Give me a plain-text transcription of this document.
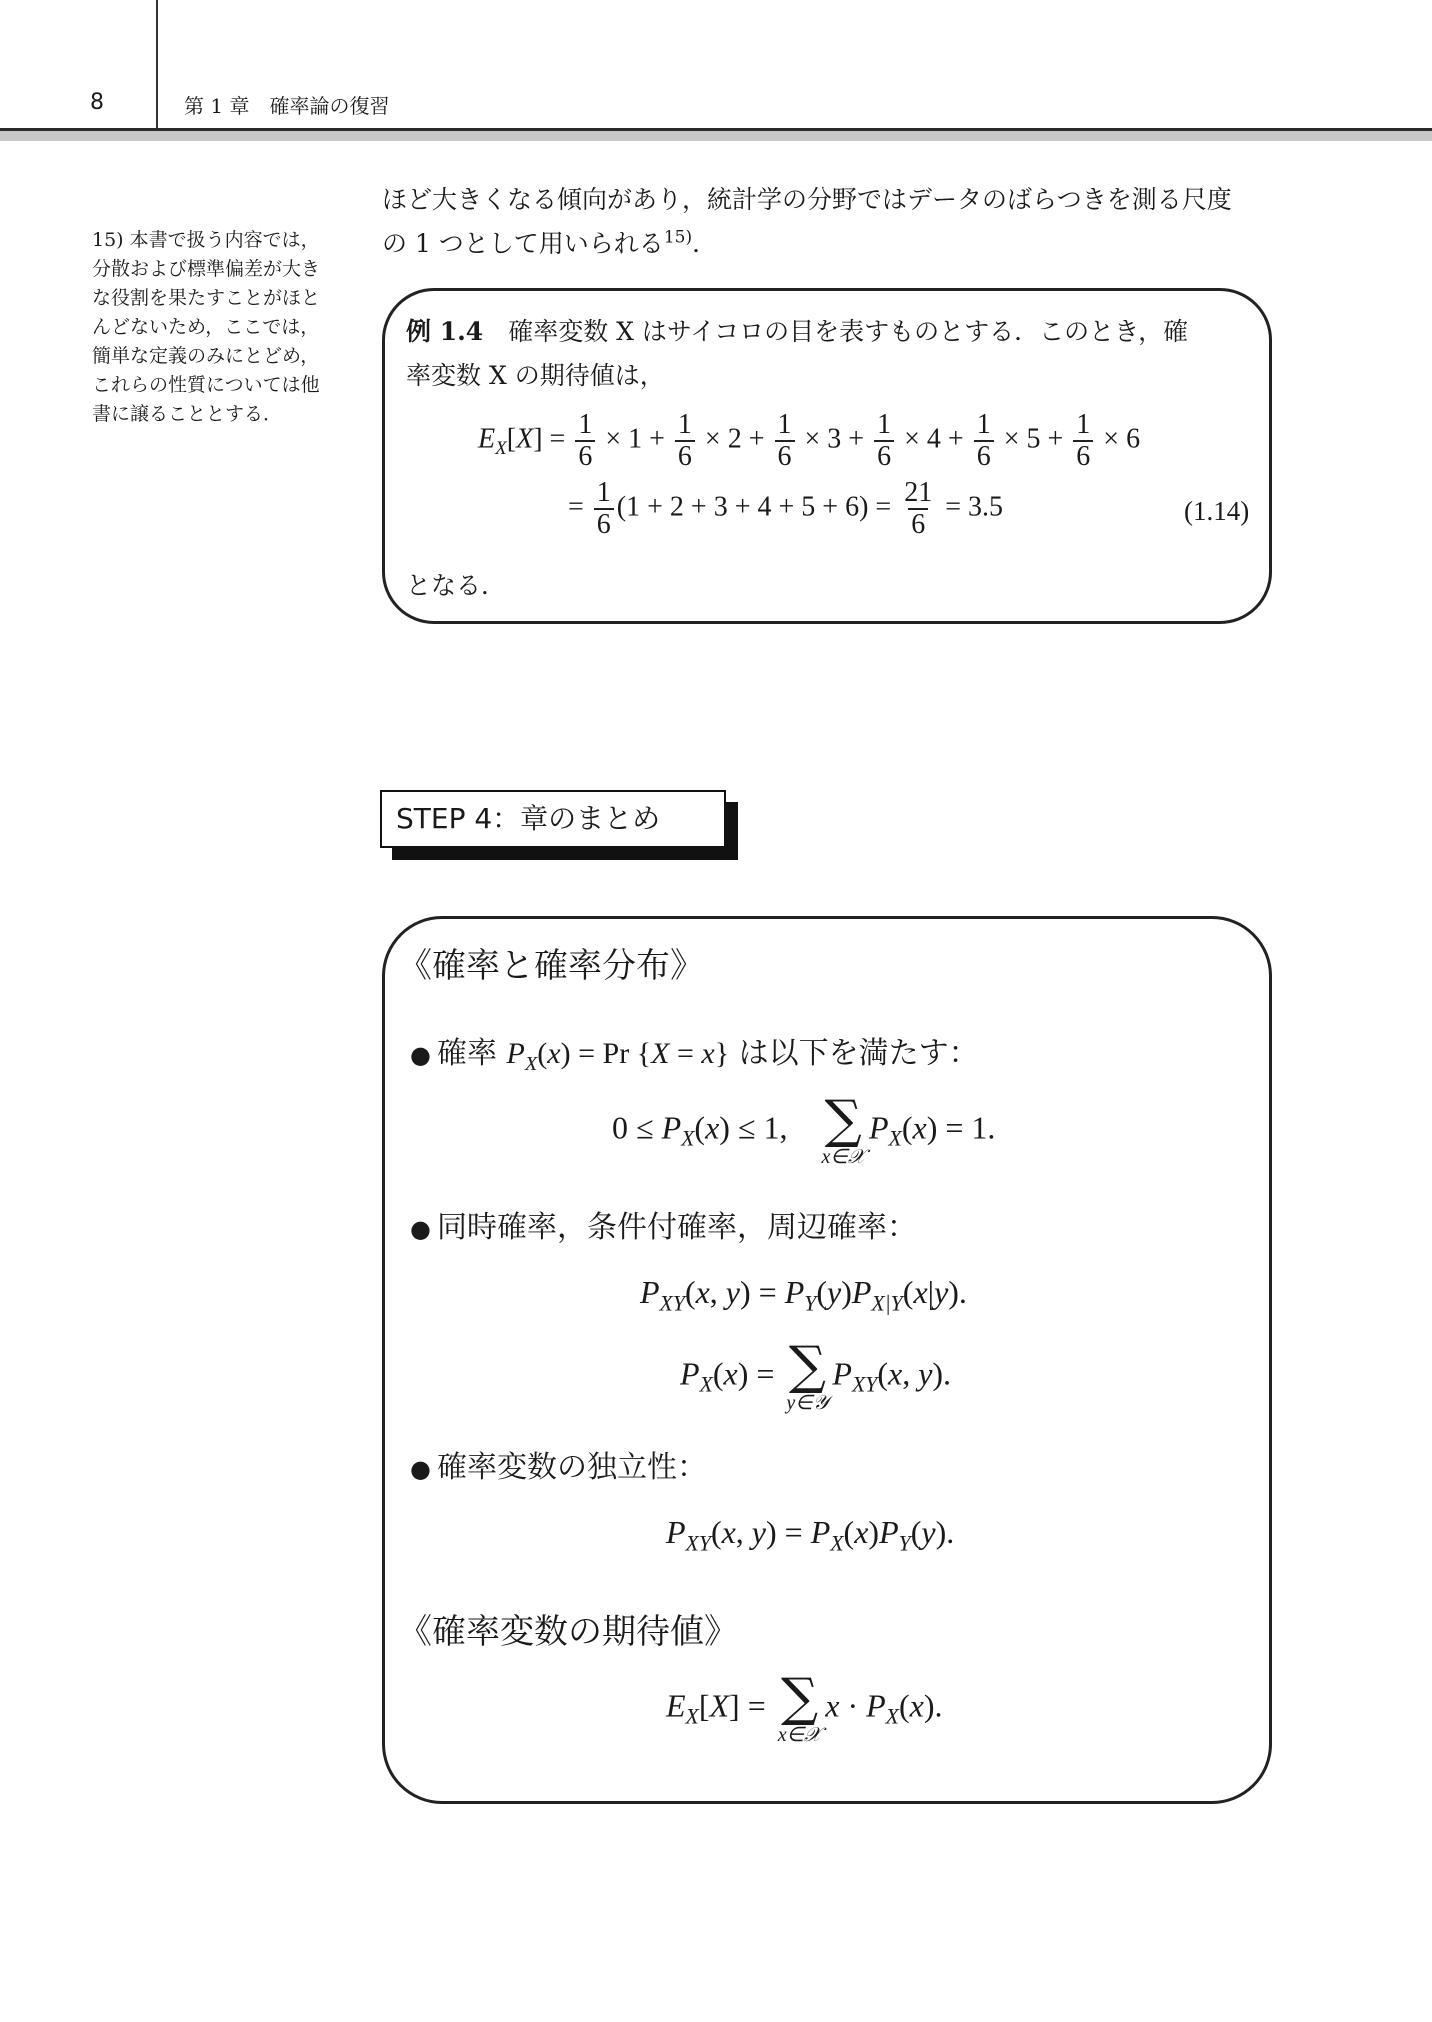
8	第 1 章　確率論の復習
15) 本書で扱う内容では，分散および標準偏差が大きな役割を果たすことがほとんどないため，ここでは，簡単な定義のみにとどめ，これらの性質については他書に譲ることとする．
ほど大きくなる傾向があり，統計学の分野ではデータのばらつきを測る尺度
の 1 つとして用いられる$^{15)}$．
例 1.4　 確率変数 X はサイコロの目を表すものとする．このとき，確
率変数 X の期待値は，
$E_X[X] = \frac{1}{6} \times 1 + \frac{1}{6} \times 2 + \frac{1}{6} \times 3 + \frac{1}{6} \times 4 + \frac{1}{6} \times 5 + \frac{1}{6} \times 6$
= $\frac{1}{6} (1 + 2 + 3 + 4 + 5 + 6) = \frac{21}{6} = 3.5$	(1.14)
となる．
STEP 4：章のまとめ
《確率と確率分布》
● 確率 $P_X(x) = Pr$ {X = x} は以下を満たす：
$0 \le P_X(x) \le 1$, ∑
x∈𝒳
$P_X(x) = 1$.
● 同時確率，条件付確率，周辺確率：
$P_{XY}(x$, $y) = P_Y(y)P_{X|Y}(x|y)$.
$P_X(x)$ = ∑
y∈𝒴
$P_{XY}(x$, y).
● 確率変数の独立性：
$P_{XY}(x$, $y) = P_X(x)P_Y(y)$.
《確率変数の期待値》
$E_X[X]$ = ∑
x∈𝒳
$x \cdot P_X(x)$.
